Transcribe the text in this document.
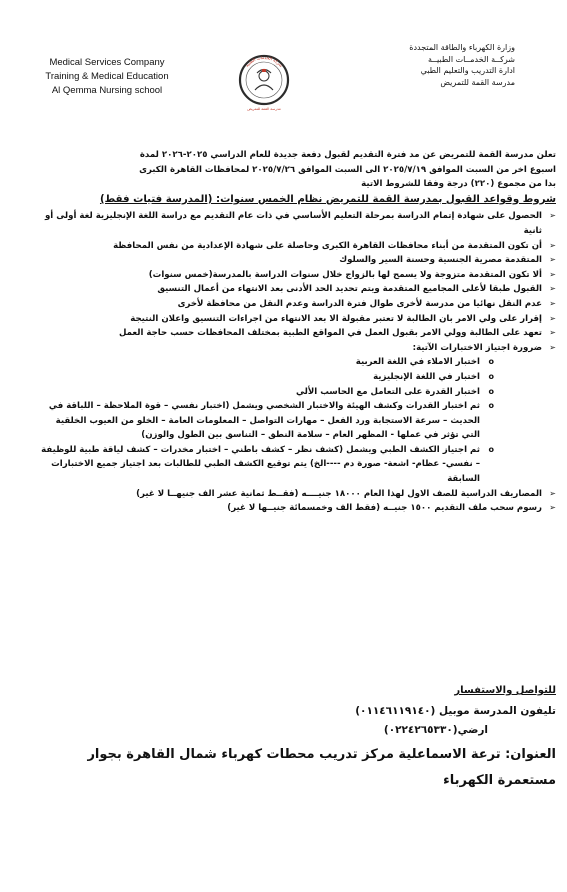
Medical Services Company
Training & Medical Education
Al Qemma Nursing school
شركة الخدمات الطبية
مدرسة القمة للتمريض
وزارة الكهرباء والطاقة المتجددة
شركــة الخدمــات الطبيــة
ادارة التدريب والتعليم الطبي
مدرسة القمة للتمريض

تعلن مدرسة القمة للتمريض عن مد فترة التقديم لقبول دفعة جديدة للعام الدراسي ٢٠٢٥-٢٠٢٦ لمدة

اسبوع اخر من السبت الموافق ٢٠٢٥/٧/١٩ الى السبت الموافق ٢٠٢٥/٧/٢٦ لمحافظات القاهرة الكبرى

بدا من مجموع (٢٢٠) درجة وفقا للشروط الاتية

شروط وقواعد القبول بمدرسة القمة للتمريض نظام الخمس سنوات: (المدرسة فتيات فقط)
➢
الحصول على شهادة إتمام الدراسة بمرحلة التعليم الأساسي في ذات عام التقديم مع دراسة اللغة الإنجليزية لغة أولى أو ثانية
➢
أن تكون المتقدمة من أبناء محافظات القاهرة الكبرى وحاصلة على شهادة الإعدادية من نفس المحافظة
➢
المتقدمة مصرية الجنسية وحسنة السير والسلوك
➢
ألا تكون المتقدمة متزوجة ولا يسمح لها بالزواج خلال سنوات الدراسة بالمدرسة(خمس سنوات)
➢
القبول طبقا لأعلى المجاميع المتقدمة ويتم تحديد الحد الأدنى بعد الانتهاء من أعمال التنسيق
➢
عدم النقل نهائيا من مدرسة لأخرى طوال فترة الدراسة وعدم النقل من محافظة لأخرى
➢
إقرار على ولي الامر بان الطالبة لا تعتبر مقبولة الا بعد الانتهاء من اجراءات التنسيق واعلان النتيجة
➢
تعهد على الطالبة وولي الامر بقبول العمل في المواقع الطبية بمختلف المحافظات حسب حاجة العمل
➢
ضرورة اجتياز الاختبارات الآتية:
o
اختبار الاملاء في اللغة العربية
o
اختبار في اللغة الإنجليزية
o
اختبار القدرة على التعامل مع الحاسب الألي
o
ثم اختبار القدرات وكشف الهيئة والاختبار الشخصي ويشمل (اختبار نفسي – قوة الملاحظة – اللباقة في الحديث – سرعة الاستجابة ورد الفعل – مهارات التواصل – المعلومات العامة – الخلو من العيوب الخلقية التي تؤثر في عملها - المظهر العام – سلامة النطق – التناسق بين الطول والوزن)
o
ثم اجتياز الكشف الطبي ويشمل (كشف نظر – كشف باطني – اختبار مخدرات – كشف لياقة طبية للوظيفة – نفسي- عظام- اشعة- صورة دم ----الخ) يتم توقيع الكشف الطبي للطالبات بعد اجتياز جميع الاختبارات السابقة
➢
المصاريف الدراسية للصف الاول لهذا العام ١٨٠٠٠ جنيــــه (فقــط ثمانية عشر الف جنيهــا لا غير)
➢
رسوم سحب ملف التقديم ١٥٠٠ جنيــه (فقط الف وخمسمائة جنيــها لا غير)
للتواصل والاستفسار
تليفون المدرسة موبيل (٠١١٤٦١١٩١٤٠)
ارضي(٠٢٢٤٢٦٥٣٣٠)
العنوان: ترعة الاسماعلية مركز تدريب محطات كهرباء شمال القاهرة بجوار
مستعمرة الكهرباء
